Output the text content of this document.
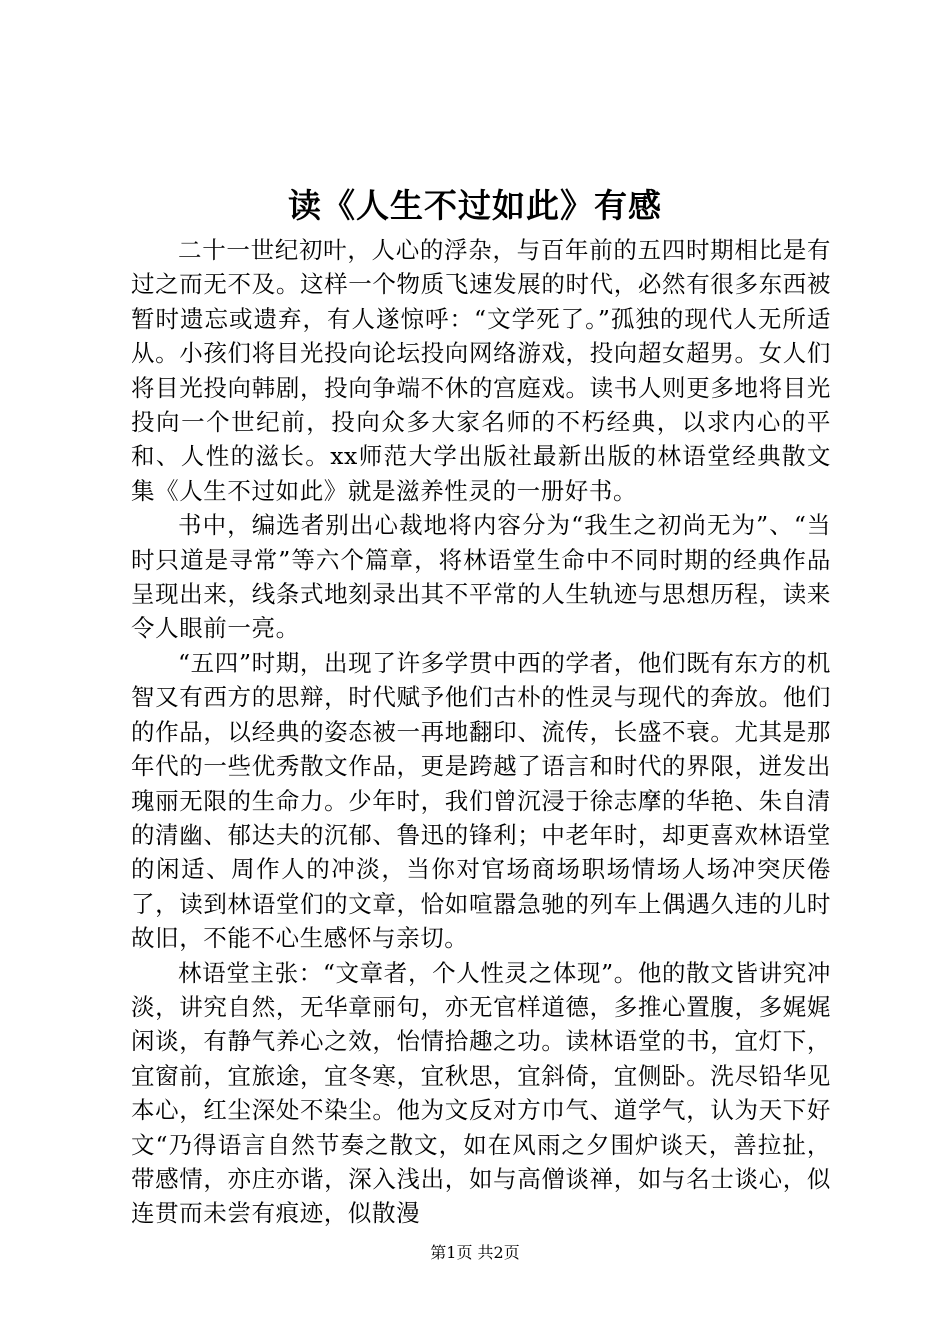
读《人生不过如此》有感

二十一世纪初叶，人心的浮杂，与百年前的五四时期相比是有过之而无不及。这样一个物质飞速发展的时代，必然有很多东西被暂时遗忘或遗弃，有人遂惊呼：“文学死了。”孤独的现代人无所适从。小孩们将目光投向论坛投向网络游戏，投向超女超男。女人们将目光投向韩剧，投向争端不休的宫庭戏。读书人则更多地将目光投向一个世纪前，投向众多大家名师的不朽经典，以求内心的平和、人性的滋长。xx师范大学出版社最新出版的林语堂经典散文集《人生不过如此》就是滋养性灵的一册好书。

书中，编选者别出心裁地将内容分为“我生之初尚无为”、“当时只道是寻常”等六个篇章，将林语堂生命中不同时期的经典作品呈现出来，线条式地刻录出其不平常的人生轨迹与思想历程，读来令人眼前一亮。

“五四”时期，出现了许多学贯中西的学者，他们既有东方的机智又有西方的思辩，时代赋予他们古朴的性灵与现代的奔放。他们的作品，以经典的姿态被一再地翻印、流传，长盛不衰。尤其是那年代的一些优秀散文作品，更是跨越了语言和时代的界限，迸发出瑰丽无限的生命力。少年时，我们曾沉浸于徐志摩的华艳、朱自清的清幽、郁达夫的沉郁、鲁迅的锋利；中老年时，却更喜欢林语堂的闲适、周作人的冲淡，当你对官场商场职场情场人场冲突厌倦了，读到林语堂们的文章，恰如喧嚣急驰的列车上偶遇久违的儿时故旧，不能不心生感怀与亲切。

林语堂主张：“文章者，个人性灵之体现”。他的散文皆讲究冲淡，讲究自然，无华章丽句，亦无官样道德，多推心置腹，多娓娓闲谈，有静气养心之效，怡情拾趣之功。读林语堂的书，宜灯下，宜窗前，宜旅途，宜冬寒，宜秋思，宜斜倚，宜侧卧。洗尽铅华见本心，红尘深处不染尘。他为文反对方巾气、道学气，认为天下好文“乃得语言自然节奏之散文，如在风雨之夕围炉谈天，善拉扯，带感情，亦庄亦谐，深入浅出，如与高僧谈禅，如与名士谈心，似连贯而未尝有痕迹，似散漫

第1页 共2页
